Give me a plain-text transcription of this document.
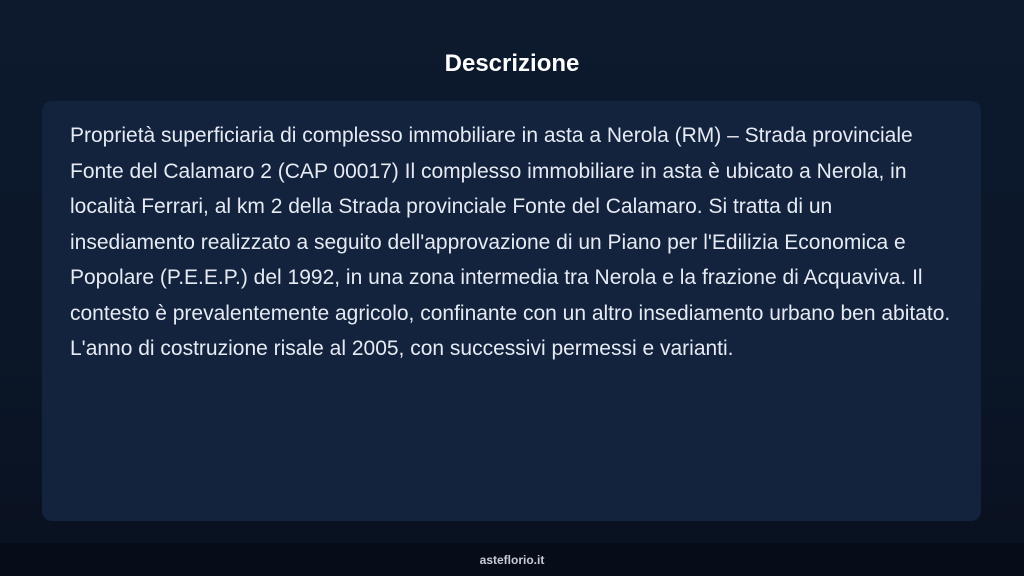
Descrizione

Proprietà superficiaria di complesso immobiliare in asta a Nerola (RM) – Strada provinciale Fonte del Calamaro 2 (CAP 00017) Il complesso immobiliare in asta è ubicato a Nerola, in località Ferrari, al km 2 della Strada provinciale Fonte del Calamaro. Si tratta di un insediamento realizzato a seguito dell'approvazione di un Piano per l'Edilizia Economica e Popolare (P.E.E.P.) del 1992, in una zona intermedia tra Nerola e la frazione di Acquaviva. Il contesto è prevalentemente agricolo, confinante con un altro insediamento urbano ben abitato. L'anno di costruzione risale al 2005, con successivi permessi e varianti.

asteflorio.it
